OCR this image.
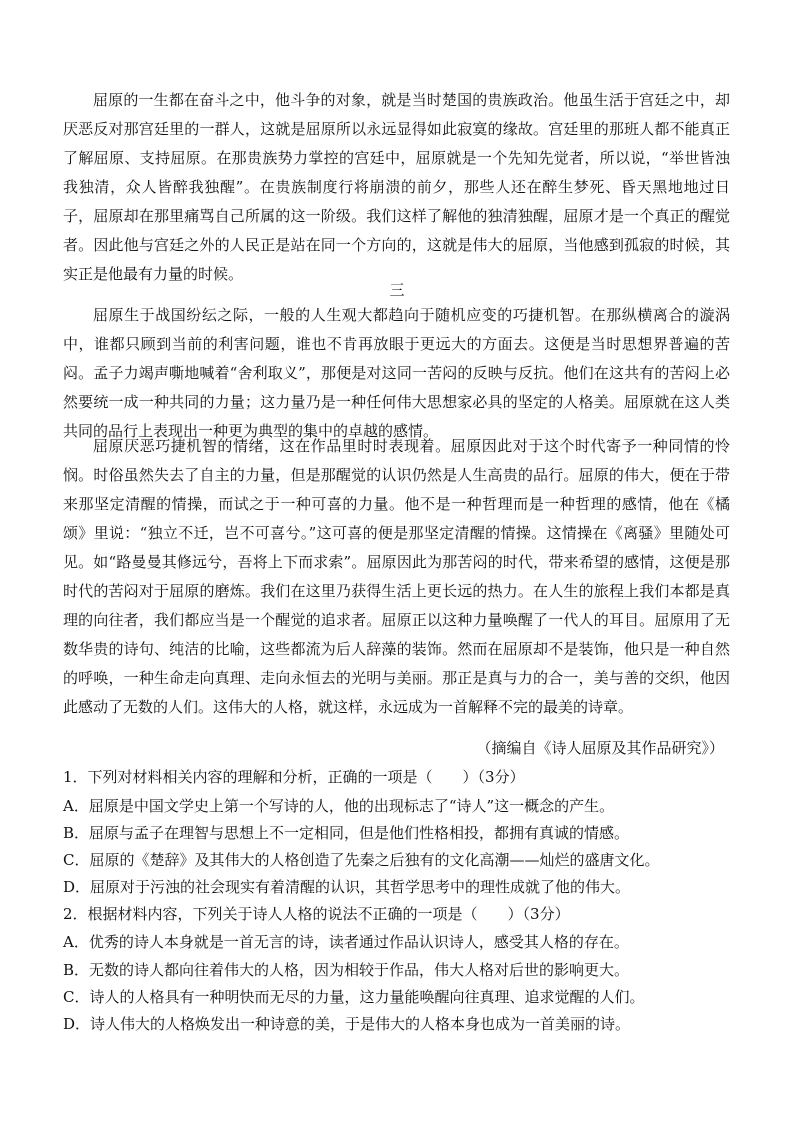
屈原的一生都在奋斗之中，他斗争的对象，就是当时楚国的贵族政治。他虽生活于宫廷之中，却厌恶反对那宫廷里的一群人，这就是屈原所以永远显得如此寂寞的缘故。宫廷里的那班人都不能真正了解屈原、支持屈原。在那贵族势力掌控的宫廷中，屈原就是一个先知先觉者，所以说，“举世皆浊我独清，众人皆醉我独醒”。在贵族制度行将崩溃的前夕，那些人还在醉生梦死、昏天黑地地过日子，屈原却在那里痛骂自己所属的这一阶级。我们这样了解他的独清独醒，屈原才是一个真正的醒觉者。因此他与宫廷之外的人民正是站在同一个方向的，这就是伟大的屈原，当他感到孤寂的时候，其实正是他最有力量的时候。

三

屈原生于战国纷纭之际，一般的人生观大都趋向于随机应变的巧捷机智。在那纵横离合的漩涡中，谁都只顾到当前的利害问题，谁也不肯再放眼于更远大的方面去。这便是当时思想界普遍的苦闷。孟子力竭声嘶地喊着“舍利取义”，那便是对这同一苦闷的反映与反抗。他们在这共有的苦闷上必然要统一成一种共同的力量；这力量乃是一种任何伟大思想家必具的坚定的人格美。屈原就在这人类共同的品行上表现出一种更为典型的集中的卓越的感情。

屈原厌恶巧捷机智的情绪，这在作品里时时表现着。屈原因此对于这个时代寄予一种同情的怜悯。时俗虽然失去了自主的力量，但是那醒觉的认识仍然是人生高贵的品行。屈原的伟大，便在于带来那坚定清醒的情操，而试之于一种可喜的力量。他不是一种哲理而是一种哲理的感情，他在《橘颂》里说：“独立不迁，岂不可喜兮。”这可喜的便是那坚定清醒的情操。这情操在《离骚》里随处可见。如“路曼曼其修远兮，吾将上下而求索”。屈原因此为那苦闷的时代，带来希望的感情，这便是那时代的苦闷对于屈原的磨炼。我们在这里乃获得生活上更长远的热力。在人生的旅程上我们本都是真理的向往者，我们都应当是一个醒觉的追求者。屈原正以这种力量唤醒了一代人的耳目。屈原用了无数华贵的诗句、纯洁的比喻，这些都流为后人辞藻的装饰。然而在屈原却不是装饰，他只是一种自然的呼唤，一种生命走向真理、走向永恒去的光明与美丽。那正是真与力的合一，美与善的交织，他因此感动了无数的人们。这伟大的人格，就这样，永远成为一首解释不完的最美的诗章。

（摘编自《诗人屈原及其作品研究》）

1．下列对材料相关内容的理解和分析，正确的一项是（　　）（3分）

A．屈原是中国文学史上第一个写诗的人，他的出现标志了“诗人”这一概念的产生。

B．屈原与孟子在理智与思想上不一定相同，但是他们性格相投，都拥有真诚的情感。

C．屈原的《楚辞》及其伟大的人格创造了先秦之后独有的文化高潮——灿烂的盛唐文化。

D．屈原对于污浊的社会现实有着清醒的认识，其哲学思考中的理性成就了他的伟大。

2．根据材料内容，下列关于诗人人格的说法不正确的一项是（　　）（3分）

A．优秀的诗人本身就是一首无言的诗，读者通过作品认识诗人，感受其人格的存在。

B．无数的诗人都向往着伟大的人格，因为相较于作品，伟大人格对后世的影响更大。

C．诗人的人格具有一种明快而无尽的力量，这力量能唤醒向往真理、追求觉醒的人们。

D．诗人伟大的人格焕发出一种诗意的美，于是伟大的人格本身也成为一首美丽的诗。
